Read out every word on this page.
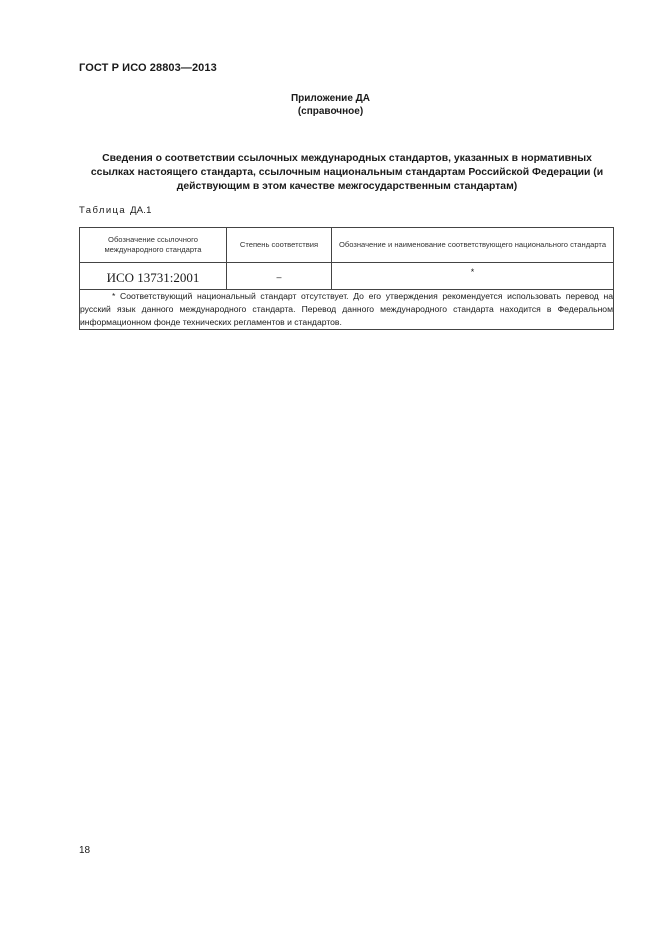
ГОСТ Р ИСО 28803—2013
Приложение ДА
(справочное)
Сведения о соответствии ссылочных международных стандартов, указанных в нормативных ссылках настоящего стандарта, ссылочным национальным стандартам Российской Федерации (и действующим в этом качестве межгосударственным стандартам)
Таблица ДА.1
Обозначение ссылочного международного стандарта	Степень соответствия	Обозначение и наименование соответствующего национального стандарта

ИСО 13731:2001	–	*

* Соответствующий национальный стандарт отсутствует. До его утверждения рекомендуется использовать перевод на русский язык данного международного стандарта. Перевод данного международного стандарта находится в Федеральном информационном фонде технических регламентов и стандартов.		

18
